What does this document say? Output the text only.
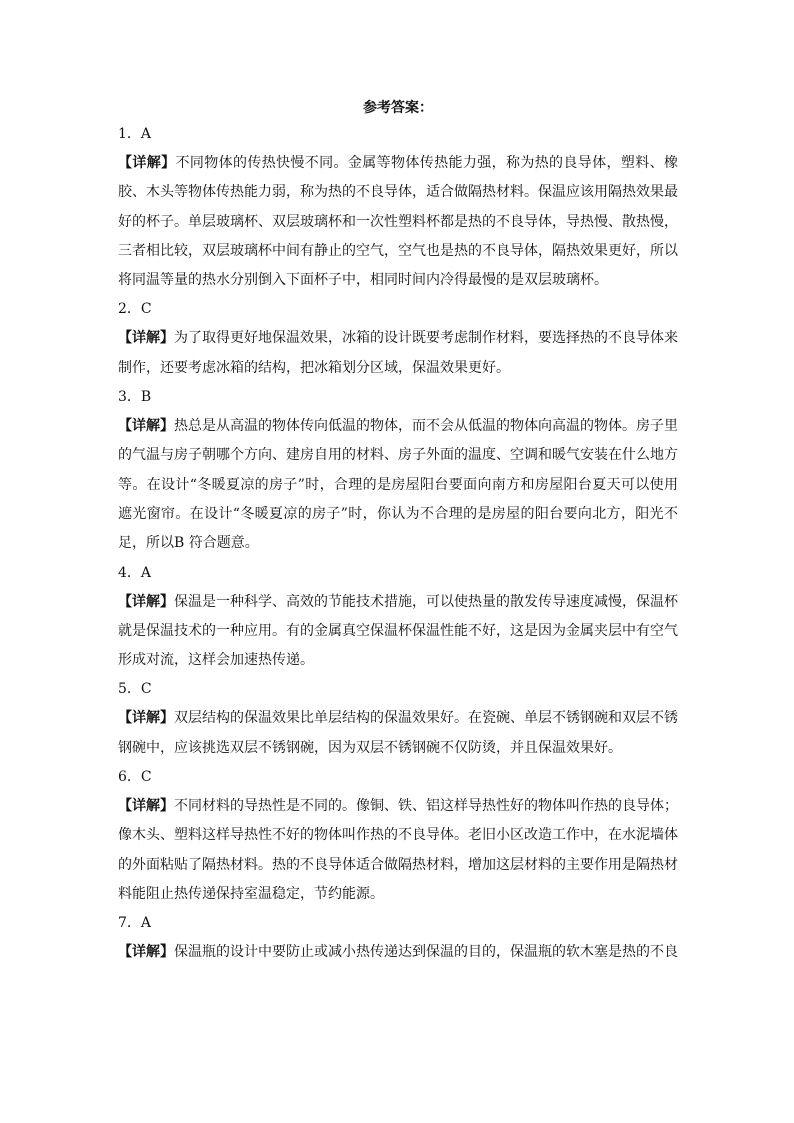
参考答案：
1．A
【详解】不同物体的传热快慢不同。金属等物体传热能力强，称为热的良导体，塑料、橡胶、木头等物体传热能力弱，称为热的不良导体，适合做隔热材料。保温应该用隔热效果最好的杯子。单层玻璃杯、双层玻璃杯和一次性塑料杯都是热的不良导体，导热慢、散热慢，三者相比较，双层玻璃杯中间有静止的空气，空气也是热的不良导体，隔热效果更好，所以将同温等量的热水分别倒入下面杯子中，相同时间内冷得最慢的是双层玻璃杯。
2．C
【详解】为了取得更好地保温效果，冰箱的设计既要考虑制作材料，要选择热的不良导体来制作，还要考虑冰箱的结构，把冰箱划分区域，保温效果更好。
3．B
【详解】热总是从高温的物体传向低温的物体，而不会从低温的物体向高温的物体。房子里的气温与房子朝哪个方向、建房自用的材料、房子外面的温度、空调和暖气安装在什么地方等。在设计“冬暖夏凉的房子”时，合理的是房屋阳台要面向南方和房屋阳台夏天可以使用遮光窗帘。在设计“冬暖夏凉的房子”时，你认为不合理的是房屋的阳台要向北方，阳光不足，所以B 符合题意。
4．A
【详解】保温是一种科学、高效的节能技术措施，可以使热量的散发传导速度减慢，保温杯就是保温技术的一种应用。有的金属真空保温杯保温性能不好，这是因为金属夹层中有空气形成对流，这样会加速热传递。
5．C
【详解】双层结构的保温效果比单层结构的保温效果好。在瓷碗、单层不锈钢碗和双层不锈钢碗中，应该挑选双层不锈钢碗，因为双层不锈钢碗不仅防烫，并且保温效果好。
6．C
【详解】不同材料的导热性是不同的。像铜、铁、铝这样导热性好的物体叫作热的良导体；像木头、塑料这样导热性不好的物体叫作热的不良导体。老旧小区改造工作中，在水泥墙体的外面粘贴了隔热材料。热的不良导体适合做隔热材料，增加这层材料的主要作用是隔热材料能阻止热传递保持室温稳定，节约能源。
7．A
【详解】保温瓶的设计中要防止或减小热传递达到保温的目的，保温瓶的软木塞是热的不良
